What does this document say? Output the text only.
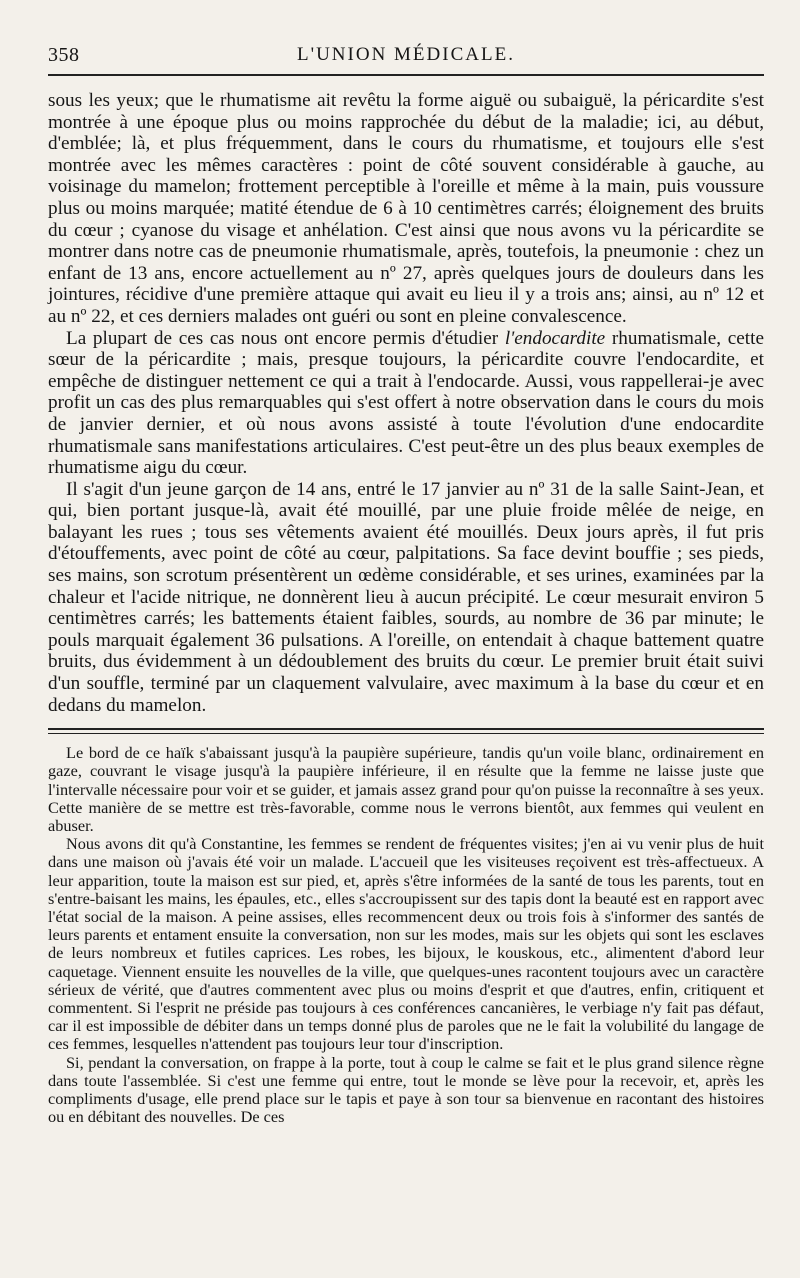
358	L'UNION MÉDICALE.

sous les yeux; que le rhumatisme ait revêtu la forme aiguë ou subaiguë, la péricardite s'est montrée à une époque plus ou moins rapprochée du début de la maladie; ici, au début, d'emblée; là, et plus fréquemment, dans le cours du rhumatisme, et toujours elle s'est montrée avec les mêmes caractères : point de côté souvent considérable à gauche, au voisinage du mamelon; frottement perceptible à l'oreille et même à la main, puis voussure plus ou moins marquée; matité étendue de 6 à 10 centimètres carrés; éloignement des bruits du cœur ; cyanose du visage et anhélation. C'est ainsi que nous avons vu la péricardite se montrer dans notre cas de pneumonie rhumatismale, après, toutefois, la pneumonie : chez un enfant de 13 ans, encore actuellement au nº 27, après quelques jours de douleurs dans les jointures, récidive d'une première attaque qui avait eu lieu il y a trois ans; ainsi, au nº 12 et au nº 22, et ces derniers malades ont guéri ou sont en pleine convalescence.

La plupart de ces cas nous ont encore permis d'étudier l'endocardite rhumatismale, cette sœur de la péricardite ; mais, presque toujours, la péricardite couvre l'endocardite, et empêche de distinguer nettement ce qui a trait à l'endocarde. Aussi, vous rappellerai-je avec profit un cas des plus remarquables qui s'est offert à notre observation dans le cours du mois de janvier dernier, et où nous avons assisté à toute l'évolution d'une endocardite rhumatismale sans manifestations articulaires. C'est peut-être un des plus beaux exemples de rhumatisme aigu du cœur.

Il s'agit d'un jeune garçon de 14 ans, entré le 17 janvier au nº 31 de la salle Saint-Jean, et qui, bien portant jusque-là, avait été mouillé, par une pluie froide mêlée de neige, en balayant les rues ; tous ses vêtements avaient été mouillés. Deux jours après, il fut pris d'étouffements, avec point de côté au cœur, palpitations. Sa face devint bouffie ; ses pieds, ses mains, son scrotum présentèrent un œdème considérable, et ses urines, examinées par la chaleur et l'acide nitrique, ne donnèrent lieu à aucun précipité. Le cœur mesurait environ 5 centimètres carrés; les battements étaient faibles, sourds, au nombre de 36 par minute; le pouls marquait également 36 pulsations. A l'oreille, on entendait à chaque battement quatre bruits, dus évidemment à un dédoublement des bruits du cœur. Le premier bruit était suivi d'un souffle, terminé par un claquement valvulaire, avec maximum à la base du cœur et en dedans du mamelon.

Le bord de ce haïk s'abaissant jusqu'à la paupière supérieure, tandis qu'un voile blanc, ordinairement en gaze, couvrant le visage jusqu'à la paupière inférieure, il en résulte que la femme ne laisse juste que l'intervalle nécessaire pour voir et se guider, et jamais assez grand pour qu'on puisse la reconnaître à ses yeux. Cette manière de se mettre est très-favorable, comme nous le verrons bientôt, aux femmes qui veulent en abuser.

Nous avons dit qu'à Constantine, les femmes se rendent de fréquentes visites; j'en ai vu venir plus de huit dans une maison où j'avais été voir un malade. L'accueil que les visiteuses reçoivent est très-affectueux. A leur apparition, toute la maison est sur pied, et, après s'être informées de la santé de tous les parents, tout en s'entre-baisant les mains, les épaules, etc., elles s'accroupissent sur des tapis dont la beauté est en rapport avec l'état social de la maison. A peine assises, elles recommencent deux ou trois fois à s'informer des santés de leurs parents et entament ensuite la conversation, non sur les modes, mais sur les objets qui sont les esclaves de leurs nombreux et futiles caprices. Les robes, les bijoux, le kouskous, etc., alimentent d'abord leur caquetage. Viennent ensuite les nouvelles de la ville, que quelques-unes racontent toujours avec un caractère sérieux de vérité, que d'autres commentent avec plus ou moins d'esprit et que d'autres, enfin, critiquent et commentent. Si l'esprit ne préside pas toujours à ces conférences cancanières, le verbiage n'y fait pas défaut, car il est impossible de débiter dans un temps donné plus de paroles que ne le fait la volubilité du langage de ces femmes, lesquelles n'attendent pas toujours leur tour d'inscription.

Si, pendant la conversation, on frappe à la porte, tout à coup le calme se fait et le plus grand silence règne dans toute l'assemblée. Si c'est une femme qui entre, tout le monde se lève pour la recevoir, et, après les compliments d'usage, elle prend place sur le tapis et paye à son tour sa bienvenue en racontant des histoires ou en débitant des nouvelles. De ces
